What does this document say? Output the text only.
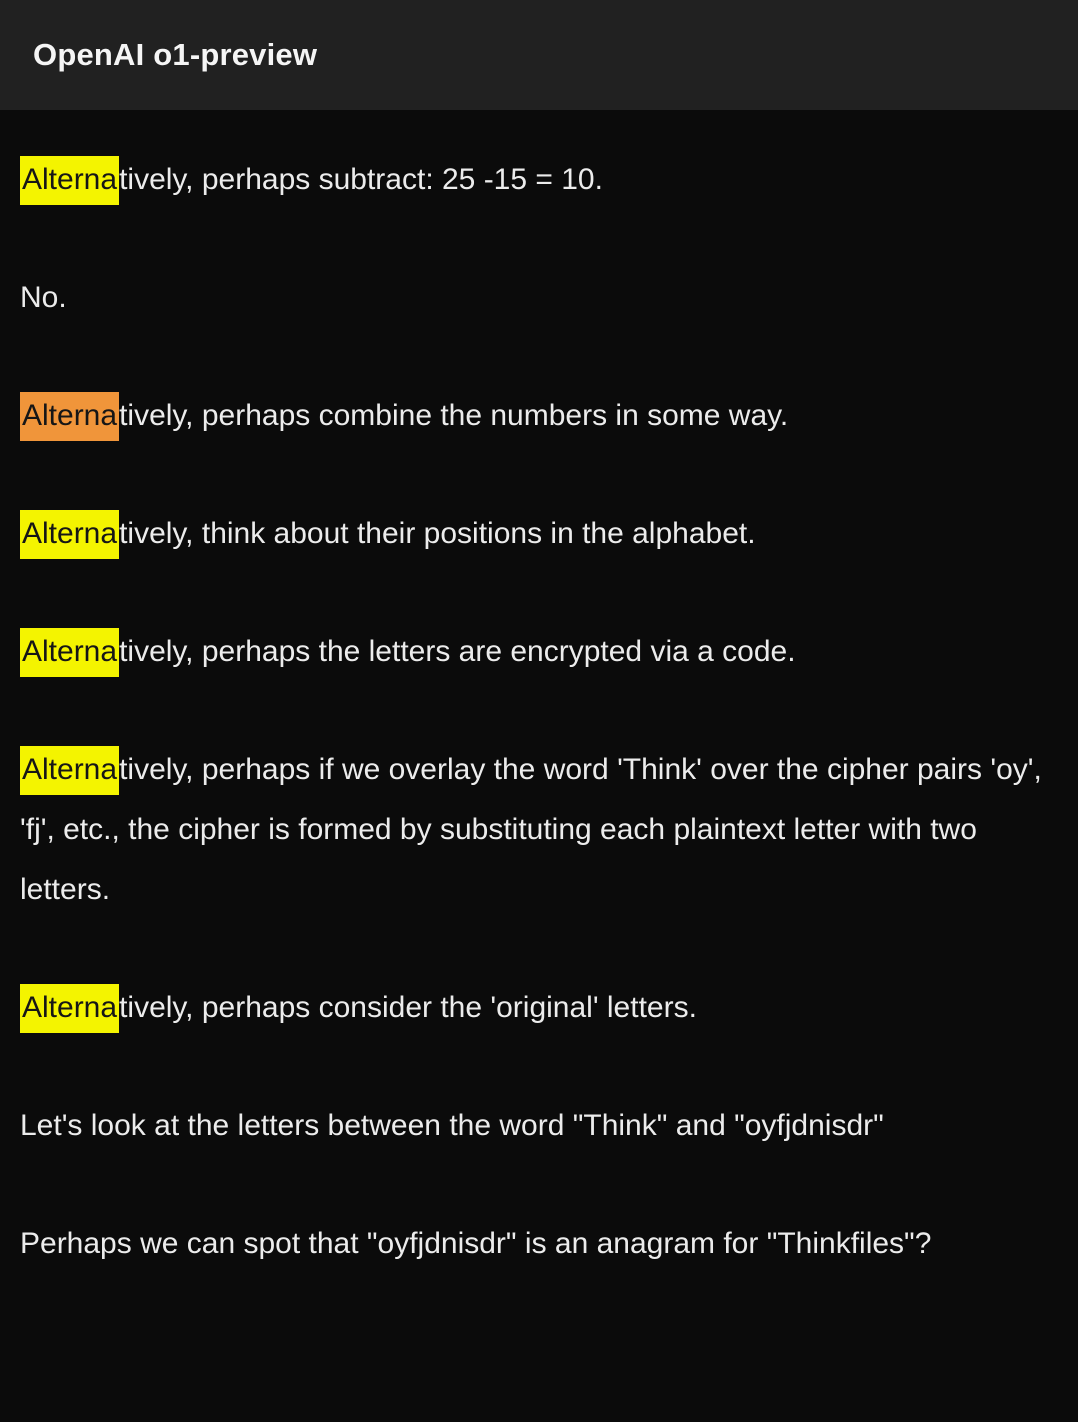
OpenAI o1-preview

Alternatively, perhaps subtract: 25 -15 = 10.

No.

Alternatively, perhaps combine the numbers in some way.

Alternatively, think about their positions in the alphabet.

Alternatively, perhaps the letters are encrypted via a code.

Alternatively, perhaps if we overlay the word 'Think' over the cipher pairs 'oy', 'fj', etc., the cipher is formed by substituting each plaintext letter with two letters.

Alternatively, perhaps consider the 'original' letters.

Let's look at the letters between the word "Think" and "oyfjdnisdr"

Perhaps we can spot that "oyfjdnisdr" is an anagram for "Thinkfiles"?
